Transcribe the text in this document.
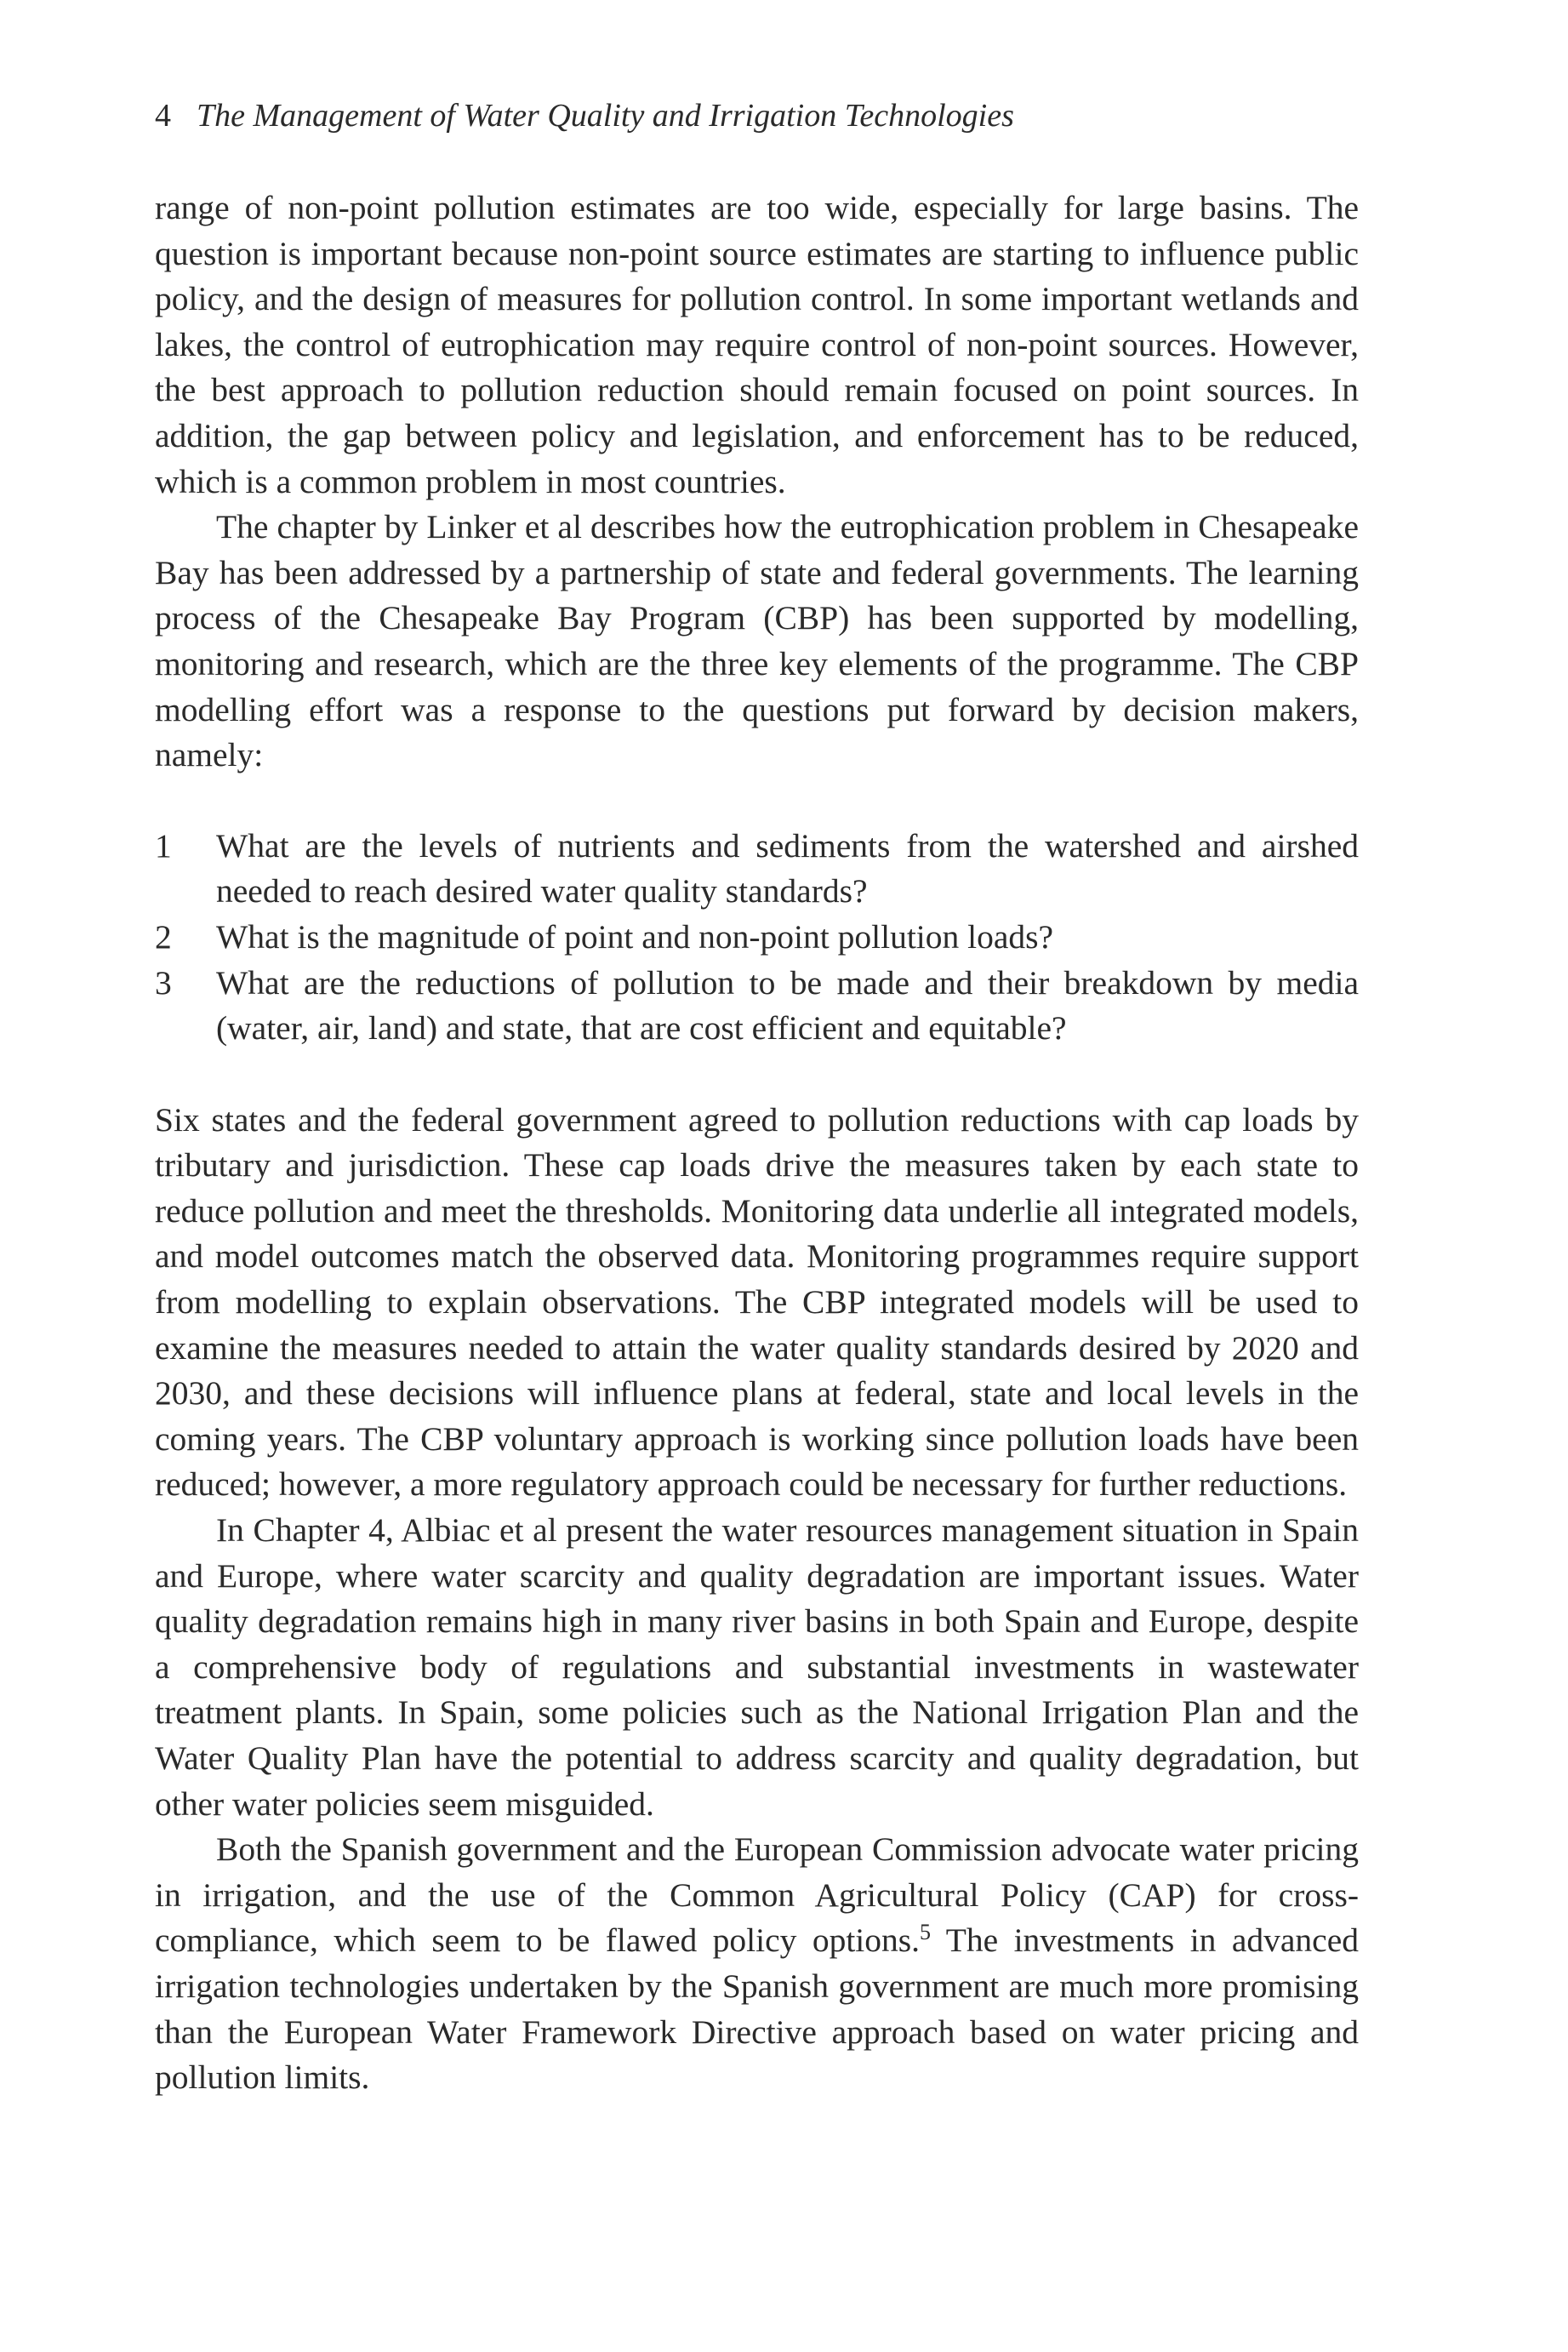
4 The Management of Water Quality and Irrigation Technologies

range of non-point pollution estimates are too wide, especially for large basins. The question is important because non-point source estimates are starting to influence public policy, and the design of measures for pollution control. In some important wetlands and lakes, the control of eutrophication may require control of non-point sources. However, the best approach to pollution reduction should remain focused on point sources. In addition, the gap between policy and legislation, and enforcement has to be reduced, which is a common problem in most countries.

The chapter by Linker et al describes how the eutrophication problem in Chesapeake Bay has been addressed by a partnership of state and federal governments. The learning process of the Chesapeake Bay Program (CBP) has been supported by modelling, monitoring and research, which are the three key elements of the programme. The CBP modelling effort was a response to the questions put forward by decision makers, namely:

1 What are the levels of nutrients and sediments from the watershed and airshed needed to reach desired water quality standards?
2 What is the magnitude of point and non-point pollution loads?
3 What are the reductions of pollution to be made and their breakdown by media (water, air, land) and state, that are cost efficient and equitable?

Six states and the federal government agreed to pollution reductions with cap loads by tributary and jurisdiction. These cap loads drive the measures taken by each state to reduce pollution and meet the thresholds. Monitoring data underlie all integrated models, and model outcomes match the observed data. Monitoring programmes require support from modelling to explain observations. The CBP integrated models will be used to examine the measures needed to attain the water quality standards desired by 2020 and 2030, and these decisions will influence plans at federal, state and local levels in the coming years. The CBP voluntary approach is working since pollution loads have been reduced; however, a more regulatory approach could be necessary for further reductions.

In Chapter 4, Albiac et al present the water resources management situation in Spain and Europe, where water scarcity and quality degradation are important issues. Water quality degradation remains high in many river basins in both Spain and Europe, despite a comprehensive body of regulations and substantial investments in wastewater treatment plants. In Spain, some policies such as the National Irrigation Plan and the Water Quality Plan have the potential to address scarcity and quality degradation, but other water policies seem misguided.

Both the Spanish government and the European Commission advocate water pricing in irrigation, and the use of the Common Agricultural Policy (CAP) for cross-compliance, which seem to be flawed policy options.$^5$ The investments in advanced irrigation technologies undertaken by the Spanish government are much more promising than the European Water Framework Directive approach based on water pricing and pollution limits.
